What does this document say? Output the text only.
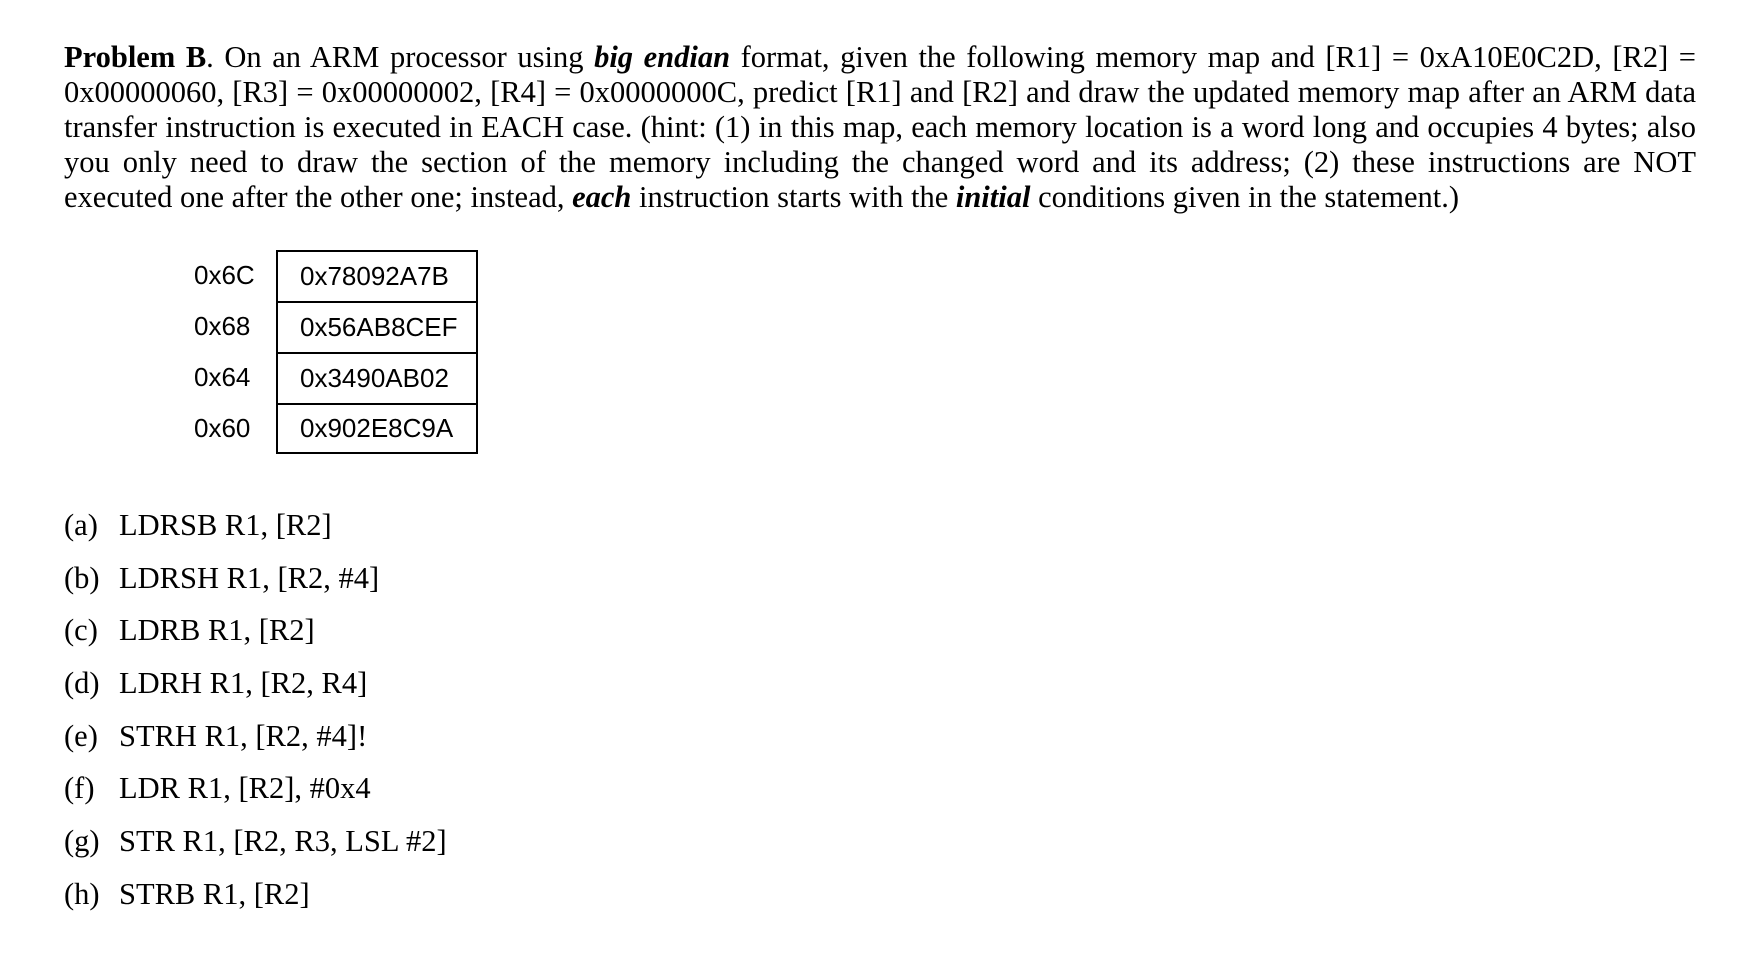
Problem B. On an ARM processor using big endian format, given the following memory map and [R1] = 0xA10E0C2D, [R2] = 0x00000060, [R3] = 0x00000002, [R4] = 0x0000000C, predict [R1] and [R2] and draw the updated memory map after an ARM data transfer instruction is executed in EACH case. (hint: (1) in this map, each memory location is a word long and occupies 4 bytes; also you only need to draw the section of the memory including the changed word and its address; (2) these instructions are NOT executed one after the other one; instead, each instruction starts with the initial conditions given in the statement.)
0x6C	0x78092A7B
0x68	0x56AB8CEF
0x64	0x3490AB02
0x60	0x902E8C9A
(a) LDRSB R1, [R2]
(b) LDRSH R1, [R2, #4]
(c) LDRB R1, [R2]
(d) LDRH R1, [R2, R4]
(e) STRH R1, [R2, #4]!
(f) LDR R1, [R2], #0x4
(g) STR R1, [R2, R3, LSL #2]
(h) STRB R1, [R2]
